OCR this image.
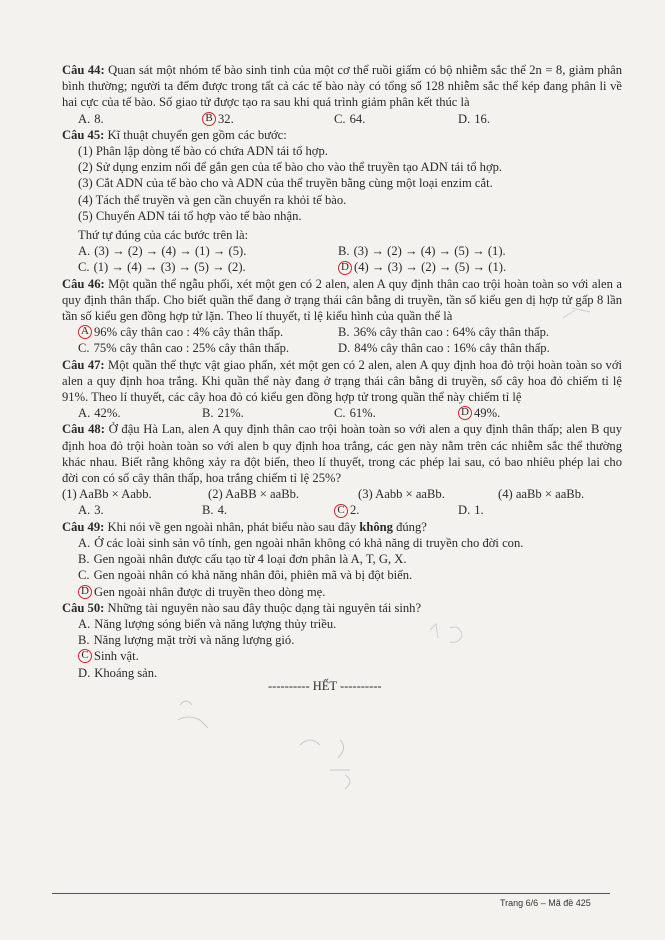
Câu 44: Quan sát một nhóm tế bào sinh tinh của một cơ thể ruồi giấm có bộ nhiễm sắc thể 2n = 8, giảm phân bình thường; người ta đếm được trong tất cả các tế bào này có tổng số 128 nhiễm sắc thể kép đang phân li về hai cực của tế bào. Số giao tử được tạo ra sau khi quá trình giảm phân kết thúc là

A. 8.	B 32.	C. 64.	D. 16.

Câu 45: Kĩ thuật chuyển gen gồm các bước:

(1) Phân lập dòng tế bào có chứa ADN tái tổ hợp.
(2) Sử dụng enzim nối để gắn gen của tế bào cho vào thể truyền tạo ADN tái tổ hợp.
(3) Cắt ADN của tế bào cho và ADN của thể truyền bằng cùng một loại enzim cắt.
(4) Tách thể truyền và gen cần chuyển ra khỏi tế bào.
(5) Chuyển ADN tái tổ hợp vào tế bào nhận.
Thứ tự đúng của các bước trên là:
A. (3) → (2) → (4) → (1) → (5).	B. (3) → (2) → (4) → (5) → (1).
C. (1) → (4) → (3) → (5) → (2).	D (4) → (3) → (2) → (5) → (1).

Câu 46: Một quần thể ngẫu phối, xét một gen có 2 alen, alen A quy định thân cao trội hoàn toàn so với alen a quy định thân thấp. Cho biết quần thể đang ở trạng thái cân bằng di truyền, tần số kiểu gen dị hợp tử gấp 8 lần tần số kiểu gen đồng hợp tử lặn. Theo lí thuyết, tỉ lệ kiểu hình của quần thể là

A 96% cây thân cao : 4% cây thân thấp.	B. 36% cây thân cao : 64% cây thân thấp.
C. 75% cây thân cao : 25% cây thân thấp.	D. 84% cây thân cao : 16% cây thân thấp.

Câu 47: Một quần thể thực vật giao phấn, xét một gen có 2 alen, alen A quy định hoa đỏ trội hoàn toàn so với alen a quy định hoa trắng. Khi quần thể này đang ở trạng thái cân bằng di truyền, số cây hoa đỏ chiếm tỉ lệ 91%. Theo lí thuyết, các cây hoa đỏ có kiểu gen đồng hợp tử trong quần thể này chiếm tỉ lệ

A. 42%.	B. 21%.	C. 61%.	D 49%.

Câu 48: Ở đậu Hà Lan, alen A quy định thân cao trội hoàn toàn so với alen a quy định thân thấp; alen B quy định hoa đỏ trội hoàn toàn so với alen b quy định hoa trắng, các gen này nằm trên các nhiễm sắc thể thường khác nhau. Biết rằng không xảy ra đột biến, theo lí thuyết, trong các phép lai sau, có bao nhiêu phép lai cho đời con có số cây thân thấp, hoa trắng chiếm tỉ lệ 25%?

(1) AaBb × Aabb.	(2) AaBB × aaBb.	(3) Aabb × aaBb.	(4) aaBb × aaBb.
A. 3.	B. 4.	C 2.	D. 1.

Câu 49: Khi nói về gen ngoài nhân, phát biểu nào sau đây không đúng?

A. Ở các loài sinh sản vô tính, gen ngoài nhân không có khả năng di truyền cho đời con.
B. Gen ngoài nhân được cấu tạo từ 4 loại đơn phân là A, T, G, X.
C. Gen ngoài nhân có khả năng nhân đôi, phiên mã và bị đột biến.
D Gen ngoài nhân được di truyền theo dòng mẹ.

Câu 50: Những tài nguyên nào sau đây thuộc dạng tài nguyên tái sinh?

A. Năng lượng sóng biển và năng lượng thủy triều.
B. Năng lượng mặt trời và năng lượng gió.
C Sinh vật.
D. Khoáng sản.
---------- HẾT ----------
Trang 6/6 – Mã đề 425
